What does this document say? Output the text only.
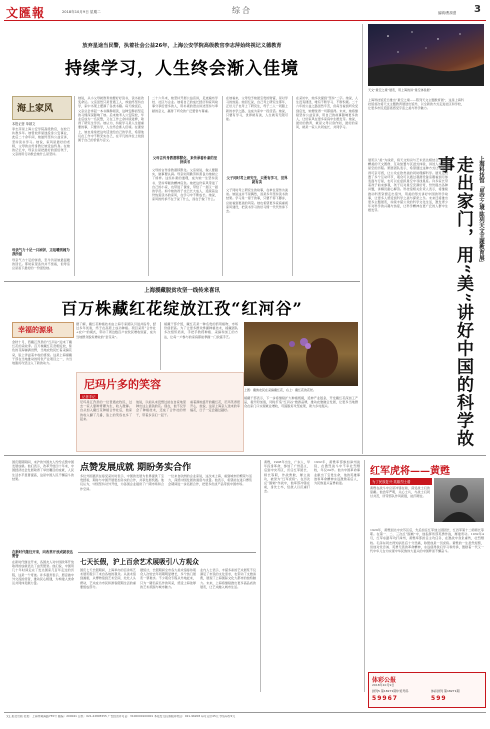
文匯報	2018年10月9日 星期二	综合	编辑/曹源澄 3
放弃星途当民警，执着社会公益26年，上海公安学院高级教官李志萍始终视记义德教育
持续学习，人生终会渐入佳境
海上家风
本报记者 单颖文
李志萍是上海公安学院高级教官，在校已执教多年。她曾放弃星途投身公安事业，此后二十余年间，她始终坚持公益宣讲，坚持读书学习。她说，家风是最好的老师，父母的言传身教让她受益终身。在她的记忆中，母亲总是把最好的留给孩子，父亲则用行动教会她什么是坚持。
母亲气力十足一只袖饼，又咀嚼到阔为我所留
母亲气力十足的饼香，至今仍是她最温暖的回忆。那时家里条件并不宽裕，但母亲总是省下最好的一份留给她。
她说，从小父母就教育她要好好读书，读书能改变命运。父亲虽然只是普通工人，却始终坚持自学，家中书架上摆满了各类书籍。每天晚饭后，父亲总会拿起一本书静静阅读，这种安静而坚定的习惯深深影响了她。后来她考入公安院校，毕业后成为一名民警，又在工作之余持续进修，取得了研究生学历。她认为，持续学习是人生最重要的事，只要肯学，人生终会渐入佳境。在课堂上，她也常常把这句话送给自己的学员，希望他们在工作中不断充实自己，在平凡的岗位上找到属于自己的价值与意义。
二十六年来，她坚持开展公益宣讲，足迹遍布学校、社区与企业。她将自己的成长经历和家风故事分享给更多的人，用朴素的语言讲述坚持与奉献的意义，赢得了听众的广泛赞誉与尊重。
父母言传身教潜移默化，来传承着朴素的坚持读书
父母的言传身教潜移默化。父亲常说，做人要踏实，做事要认真。母亲则用勤劳和善良为她树立了榜样。这些朴素的道理，成为她一生坚持读书、坚持奉献的精神底色。她把这份家风带进了自己的小家，也带进了课堂，带给了一届又一届的学员。如今她的孩子也已长大成人，延续着这份热爱读书的家风，在学习中不断成长。她说，家风的传承不在于说了什么，而在于做了什么。
在她看来，父母给予她最宝贵的财富，是对学习的热爱。她回忆说，自己考上研究生那年，正好儿子也考上了研究生，母子二人一同踏上新的求学之路，这成为家中一段佳话。她说，只要有学习，世界就有美，人生就有无限可能。
父子同时考上研究生，只要有学习，世界就有美
父子同时考上研究生的故事，在单位里传为美谈。她说这并不是偶然，而是多年坚持读书的结果。学习是一辈子的事，只要不停下脚步，总能看到更美的风景。她也希望更多家庭重视家风建设，把读书学习的好习惯一代代传承下去。
在采访中，她多次提到“坚持”二字。她说，人生没有捷径，唯有不断学习、不断积累。二十六年的公益之路虽然辛苦，但每当看到听众受到启发，她便觉得一切都值得。未来，她将继续坚持公益宣讲，用自己的故事影响更多的人，让好家风在更多家庭中生根发芽。她说，最好的教育，就是父母以身作则，最好的家风，就是一家人共同成长、共同学习。
天文“星空之境”展览，用上海的讲“星空体验展”
上海科技馆近日推出“星空之境——陈列天文主题教育展”，这是上海科技馆首次将天文主题教育展送出馆外，以全新的方式走进社区和学校，让更多市民近距离感受宇宙之美与科学魅力。
上海科技馆「星空之境·陈列天文主题教育展」
走出家门，用“美”讲好中国的科学故事
展览以“美”为线索，将天文知识与艺术表达相结合，通过精美的天文图像、互动装置与沉浸式体验，讲述人类探索星空的历程。策展团队表示，希望通过这种方式让科学变得可亲可感，让公众在欣赏美的同时理解科学。展览还设置了多个互动环节，观众可以通过观测设备亲眼看到月球表面与行星，也可以在虚拟星空中寻找星座。许多家长带着孩子前来参观，孩子们对星空充满好奇，纷纷提出各种问题，讲解员耐心解答。科技馆相关负责人表示，将继续推动科普资源走出馆外，用美的形式讲好中国的科学故事，让更多人感受到科学之美与探索之乐。未来还将推出更多主题展览，持续丰富公众的科学文化生活，激发青少年对科学的兴趣与热爱，让科学精神在更广泛的人群中生根发芽。
上海援藏脱贫攻坚一线传来喜讯
百万株藏红花绽放江孜“红河谷”
幸福的源泉
金秋十月，西藏江孜县的“红河谷”迎来了藏红花的采收季。百万株藏红花竞相绽放，紫色的花海铺满田野，当地农牧民忙着采摘花朵，脸上洋溢着丰收的喜悦。这是上海援藏干部在当地推动的特色产业项目之一，为当地脱贫攻坚注入了新的动力。
据了解，藏红花种植技术由上海专家团队引进并指导，经过多年试验，终于在高原上成功种植。项目采用“合作社+农户”的模式，带动了周边数百户农牧民增收致富，成为当地群众脱贫增收的“金花朵”。
援藏干部介绍，藏红花是一种名贵的药用植物，市场价值很高。为了让更多群众掌握种植技术，援藏团队多次组织培训，手把手教授种植、采摘和加工的方法，让每一户参与的家庭都能掌握一门致富手艺。
上图：藏族农民在采摘藏红花，右上：藏红花的花丝。
尼玛片多的笑容
记者手记
尼玛是江孜县的一位普通农牧民，过去一家人靠种青稞为生，收入微薄。自从加入藏红花种植合作社后，他家的收入翻了几番，脸上的笑容也多了起来。
他说，以前从来没想过能在自家地里种出这么值钱的花。现在，他不仅学会了种植技术，还成了合作社的骨干，带着乡亲们一起干。
看着满地盛开的藏红花，尼玛笑得很开心，他说，这是上海亲人送来的幸福花，日子一定会越过越好。
援藏干部表示，下一步将继续扩大种植规模，延伸产业链条，开发藏红花深加工产品，提升附加值，同时打造“红河谷”旅游品牌，推动农旅融合发展，让更多当地群众在家门口实现就业增收，巩固脱贫攻坚成果，助力乡村振兴。
国庆假期期间，来沪的外国友人纷纷点赞中国发展成就。他们表示，改革开放四十年来，中国经济社会发展取得了举世瞩目的成就，人民生活水平显著提高，这是中国人民不懈奋斗的结果。
点赞发展成就 期盼务实合作
多位外国嘉宾在接受采访时表示，中国的发展为世界提供了宝贵经验，期待与中国开展更加务实的合作，共享发展机遇。他们认为，中国坚持对外开放，为各国企业提供了广阔市场和合作空间。
一位来自欧洲的企业家说，这次来上海，看到城市的繁荣与活力，深感中国发展的速度与质量。他表示，希望能在进口博览会期间进一步拓展合作，把更多优质产品带到中国市场。
在新时代继往开来，向改革开放成就表达赞誉
在新时代继往开来，各国友人对中国改革开放取得的成就表达了由衷赞誉。他们说，中国用几十年时间走完了发达国家几百年走过的历程，这是一个奇迹。许多嘉宾表示，愿意做中外交流的使者，推动民心相通，为构建人类命运共同体贡献力量。
七天长假，沪上百余艺术展吸引八方观众
国庆七天长假期间，上海举办的百余场艺术展览吸引了来自各地的观众。从美术馆到画廊，从博物馆到艺术空间，处处人头攒动，艺术成为市民和游客假期生活的重要组成部分。
据统计，长假期间全市各大美术馆接待观众人次较去年同期明显增长，多个热门展览一票难求。不少观众专程从外地赶来，只为一睹名家名作的风采，感受上海浓厚的艺术氛围与城市魅力。
业内人士表示，丰富多彩的艺术展览不仅满足了市民的文化需求，也带动了文旅消费，展现了上海国际文化大都市的独特魅力。未来，上海将继续推出更多高品质的展览，让艺术融入城市生活。
黄甦，1908年出生，广东人，早年投身革命，参加了广州起义，后到中央苏区，历任红军团长、师长等职，作战勇敢，屡立战功，被誉为“红军虎将”。在历次反“围剿”作战中，他率部冲锋在前，身先士卒，给敌人以沉重打击。
1932年，黄甦率部参加漳州战役，在激烈战斗中不幸壮烈牺牲，年仅24岁。他为中国革命事业献出了宝贵生命，他的英雄事迹和革命精神永远激励着后人，为民族复兴奋勇前进。
红军虎将——黄甦
为了民族复兴·英雄烈士谱
黄甦在战斗中总是冲锋在前，深受战士们的爱戴。他治军严明，关心士兵，与战士们同甘共苦，所带部队作风顽强，能打硬仗。
1929年，黄甦到达中央苏区后，先后担任红军独立团团长、红四军第十二师师长等职。在第一、二、三次反“围剿”中，他指挥所部英勇作战，屡建奇功。1932年4月，红军东路军攻打漳州，黄甦率部担任主攻任务，在激战中身负重伤，壮烈牺牲。毛泽东同志得知消息后十分悲痛，称赞他是一员虎将。黄甦的一生虽然短暂，但他对党忠诚、英勇无畏的革命精神，永远值得我们学习和传承，激励着一代又一代中华儿女为实现中华民族伟大复兴的中国梦而不懈奋斗。
体彩公报
2018年10月9日
排列5 第18271期中奖号码
5 9 9 6 7
体彩排列 第18271期
5 9 9
文汇报社出版 社址：上海市威海路755号 邮编：200041 总机：021-22895555 广告经营许可证：3100000100001 本报发行投递服务电话：021-96208 每月定价45元 零售每份2元
